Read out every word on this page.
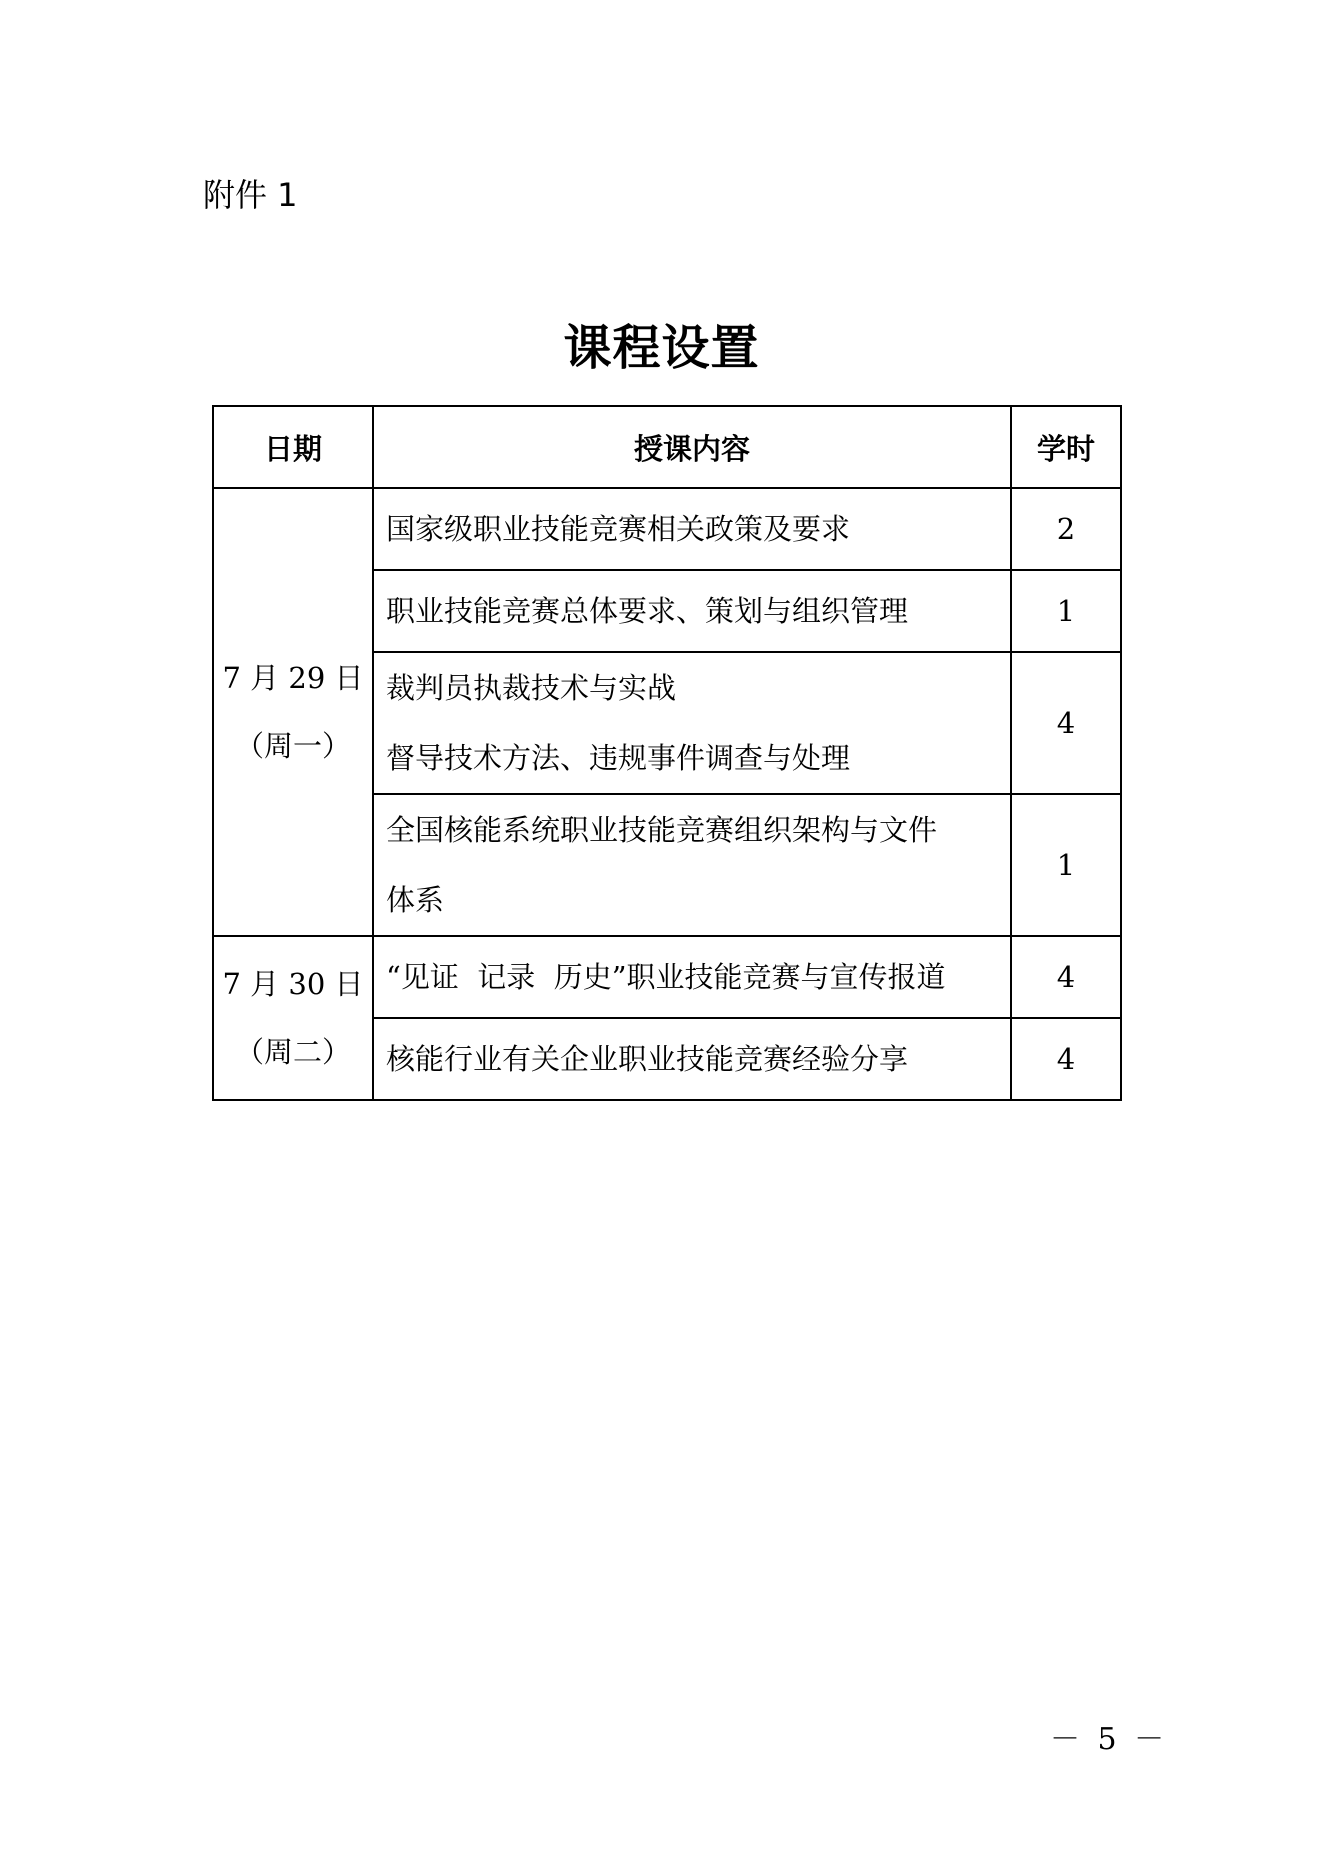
附件 1
课程设置
日期	授课内容	学时

7 月 29 日
（周一）	国家级职业技能竞赛相关政策及要求	2

	职业技能竞赛总体要求、策划与组织管理	1

	裁判员执裁技术与实战
督导技术方法、违规事件调查与处理	4

	全国核能系统职业技能竞赛组织架构与文件
体系	1

7 月 30 日
（周二）	“见证  记录  历史”职业技能竞赛与宣传报道	4

	核能行业有关企业职业技能竞赛经验分享	4
－ 5 －
